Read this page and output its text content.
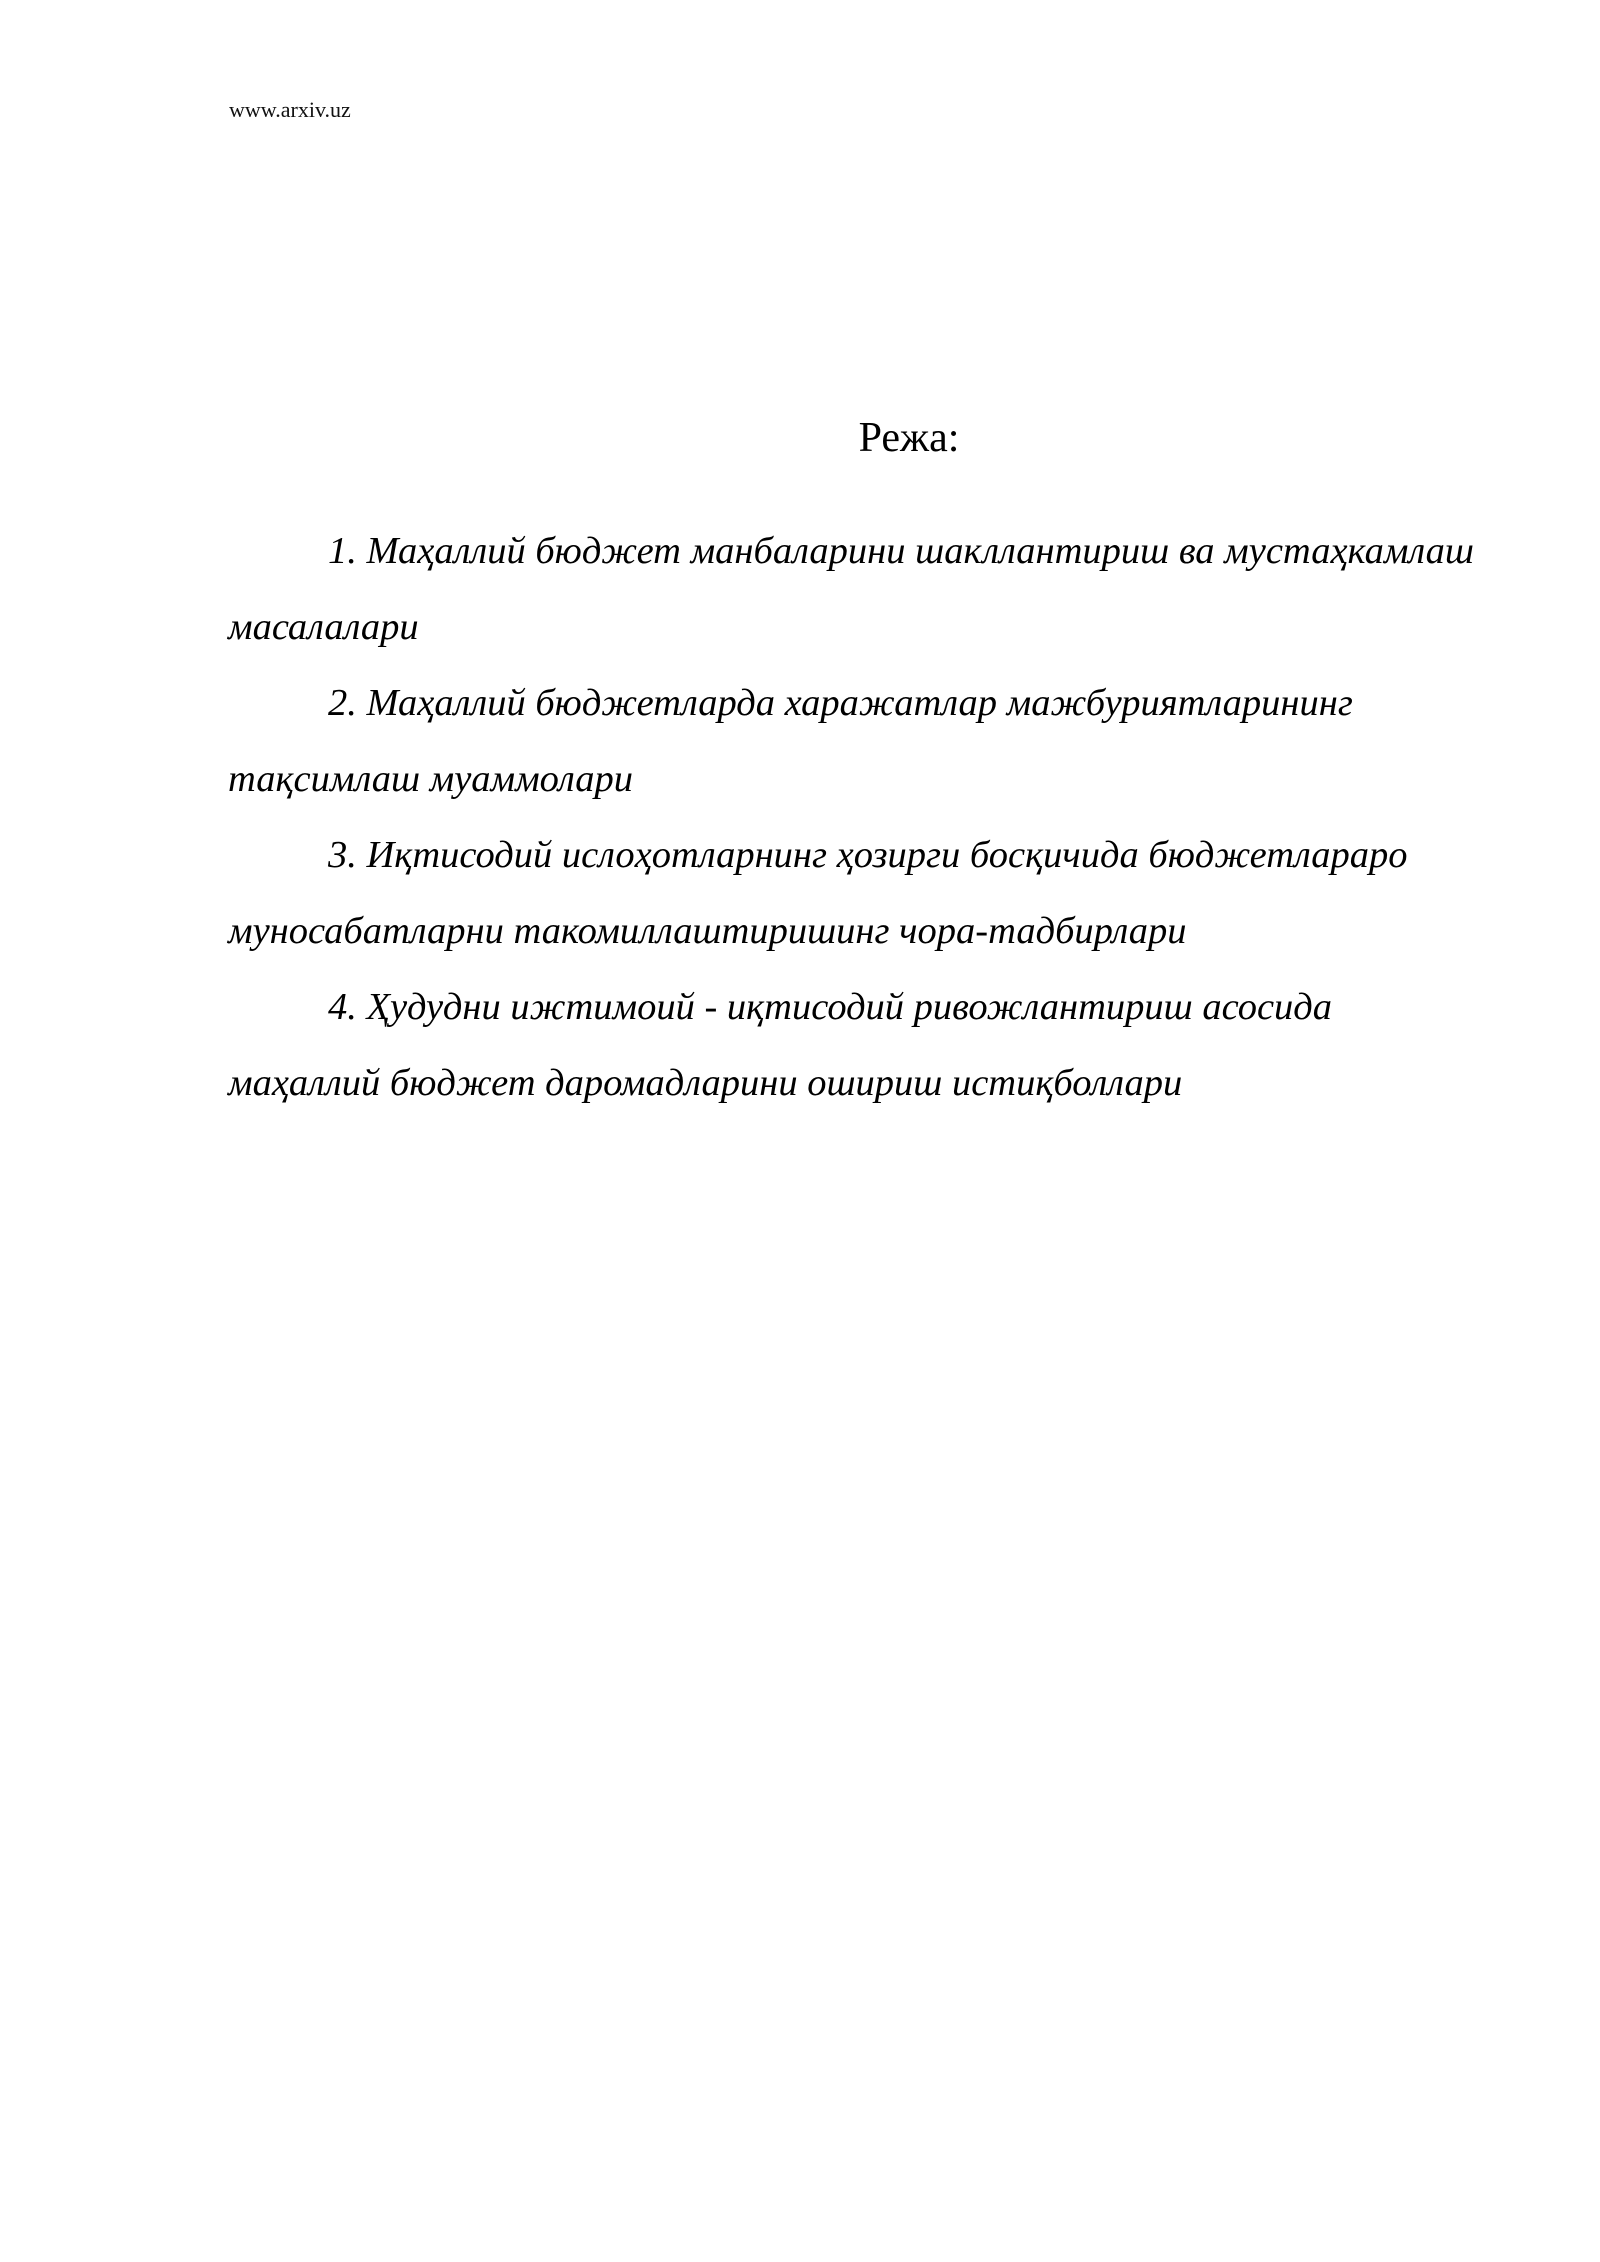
www.arxiv.uz
Режа:
1. Маҳаллий бюджет манбаларини шакллантириш ва мустаҳкамлаш масалалари
2. Маҳаллий бюджетларда харажатлар мажбуриятларининг тақсимлаш муаммолари
3. Иқтисодий ислоҳотларнинг ҳозирги босқичида бюджетлараро муносабатларни такомиллаштиришинг чора-тадбирлари
4. Ҳудудни ижтимоий - иқтисодий ривожлантириш асосида маҳаллий бюджет даромадларини ошириш истиқболлари
